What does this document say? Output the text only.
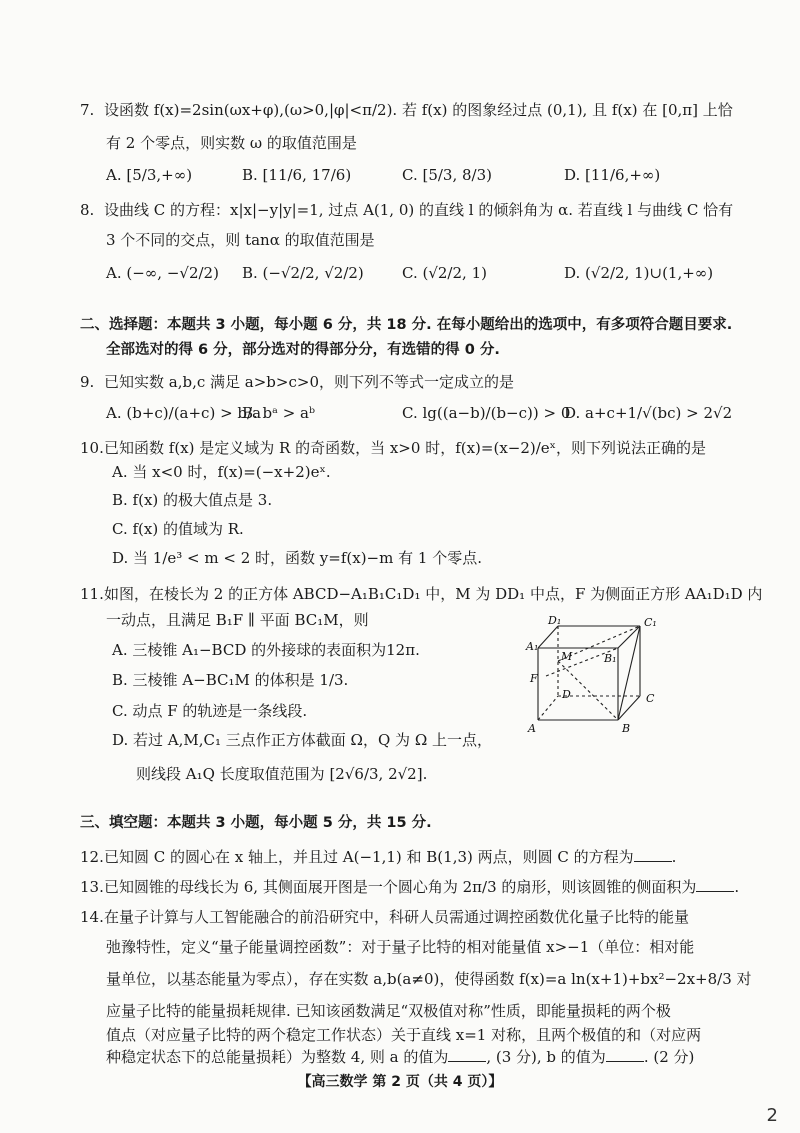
7. 设函数 f(x)=2sin(ωx+φ),(ω>0,|φ|<π/2). 若 f(x) 的图象经过点 (0,1), 且 f(x) 在 [0,π] 上恰
有 2 个零点，则实数 ω 的取值范围是
A. [5/3,+∞)	B. [11/6, 17/6)	C. [5/3, 8/3)	D. [11/6,+∞)
8. 设曲线 C 的方程：x|x|−y|y|=1, 过点 A(1, 0) 的直线 l 的倾斜角为 α. 若直线 l 与曲线 C 恰有
3 个不同的交点，则 tanα 的取值范围是
A. (−∞, −√2/2) B. (−√2/2, √2/2)	C. (√2/2, 1)	D. (√2/2, 1)∪(1,+∞)
二、选择题：本题共 3 小题，每小题 6 分，共 18 分. 在每小题给出的选项中，有多项符合题目要求.
全部选对的得 6 分，部分选对的得部分分，有选错的得 0 分.
9. 已知实数 a,b,c 满足 a>b>c>0，则下列不等式一定成立的是
A. (b+c)/(a+c) > b/a
B. bᵃ > aᵇ	C. lg((a−b)/(b−c)) > 0
D. a+c+1/√(bc) > 2√2
10.已知函数 f(x) 是定义域为 R 的奇函数，当 x>0 时，f(x)=(x−2)/eˣ，则下列说法正确的是
A. 当 x<0 时，f(x)=(−x+2)eˣ.
B. f(x) 的极大值点是 3.
C. f(x) 的值域为 R.
D. 当 1/e³ < m < 2 时，函数 y=f(x)−m 有 1 个零点.
11.如图，在棱长为 2 的正方体 ABCD−A₁B₁C₁D₁ 中，M 为 DD₁ 中点，F 为侧面正方形 AA₁D₁D 内
一动点，且满足 B₁F ∥ 平面 BC₁M，则
A. 三棱锥 A₁−BCD 的外接球的表面积为12π.
B. 三棱锥 A−BC₁M 的体积是 1/3.
C. 动点 F 的轨迹是一条线段.
D. 若过 A,M,C₁ 三点作正方体截面 Ω，Q 为 Ω 上一点，
则线段 A₁Q 长度取值范围为 [2√6/3, 2√2].
D₁	C₁
A₁
M	B₁
F
D	C
A	B
三、填空题：本题共 3 小题，每小题 5 分，共 15 分.
12.已知圆 C 的圆心在 x 轴上，并且过 A(−1,1) 和 B(1,3) 两点，则圆 C 的方程为	.
13.已知圆锥的母线长为 6, 其侧面展开图是一个圆心角为 2π/3 的扇形，则该圆锥的侧面积为	.
14.在量子计算与人工智能融合的前沿研究中，科研人员需通过调控函数优化量子比特的能量
弛豫特性，定义“量子能量调控函数”：对于量子比特的相对能量值 x>−1（单位：相对能
量单位，以基态能量为零点），存在实数 a,b(a≠0)，使得函数 f(x)=a ln(x+1)+bx²−2x+8/3 对
应量子比特的能量损耗规律. 已知该函数满足“双极值对称”性质，即能量损耗的两个极
值点（对应量子比特的两个稳定工作状态）关于直线 x=1 对称，且两个极值的和（对应两
种稳定状态下的总能量损耗）为整数 4, 则 a 的值为	, (3 分), b 的值为	. (2 分)
【高三数学 第 2 页（共 4 页）】
2
